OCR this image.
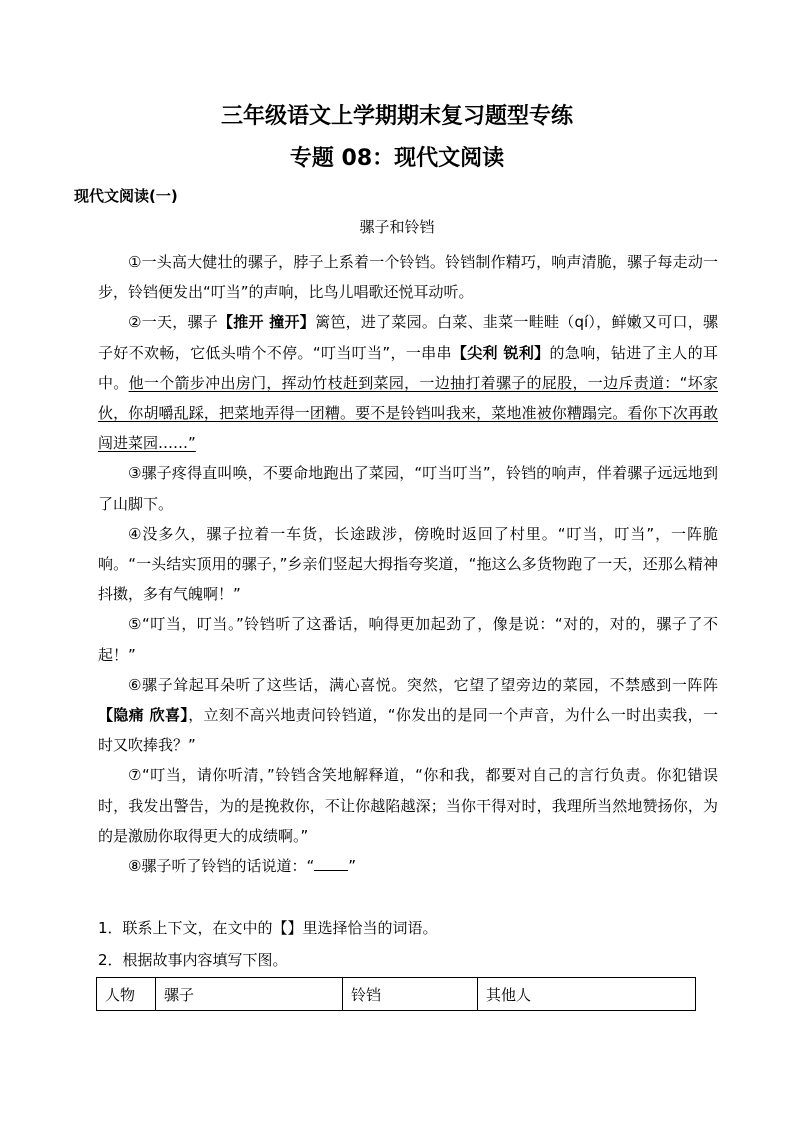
三年级语文上学期期末复习题型专练
专题 08：现代文阅读
现代文阅读(一)
骡子和铃铛

①一头高大健壮的骡子，脖子上系着一个铃铛。铃铛制作精巧，响声清脆，骡子每走动一步，铃铛便发出“叮当”的声响，比鸟儿唱歌还悦耳动听。

②一天，骡子【推开 撞开】篱笆，进了菜园。白菜、韭菜一畦畦（qí），鲜嫩又可口，骡子好不欢畅，它低头啃个不停。“叮当叮当”，一串串【尖利 锐利】的急响，钻进了主人的耳中。他一个箭步冲出房门，挥动竹枝赶到菜园，一边抽打着骡子的屁股，一边斥责道：“坏家伙，你胡嚼乱踩，把菜地弄得一团糟。要不是铃铛叫我来，菜地准被你糟蹋完。看你下次再敢闯进菜园……”

③骡子疼得直叫唤，不要命地跑出了菜园，“叮当叮当”，铃铛的响声，伴着骡子远远地到了山脚下。

④没多久，骡子拉着一车货，长途跋涉，傍晚时返回了村里。“叮当，叮当”，一阵脆响。“一头结实顶用的骡子，”乡亲们竖起大拇指夸奖道，“拖这么多货物跑了一天，还那么精神抖擞，多有气魄啊！”

⑤“叮当，叮当。”铃铛听了这番话，响得更加起劲了，像是说：“对的，对的，骡子了不起！”

⑥骡子耸起耳朵听了这些话，满心喜悦。突然，它望了望旁边的菜园，不禁感到一阵阵【隐痛 欣喜】，立刻不高兴地责问铃铛道，“你发出的是同一个声音，为什么一时出卖我，一时又吹捧我？”

⑦“叮当，请你听清，”铃铛含笑地解释道，“你和我，都要对自己的言行负责。你犯错误时，我发出警告，为的是挽救你，不让你越陷越深；当你干得对时，我理所当然地赞扬你，为的是激励你取得更大的成绩啊。”

⑧骡子听了铃铛的话说道：“ ”

1．联系上下文，在文中的【】里选择恰当的词语。

2．根据故事内容填写下图。

人物	骡子	铃铛	其他人
